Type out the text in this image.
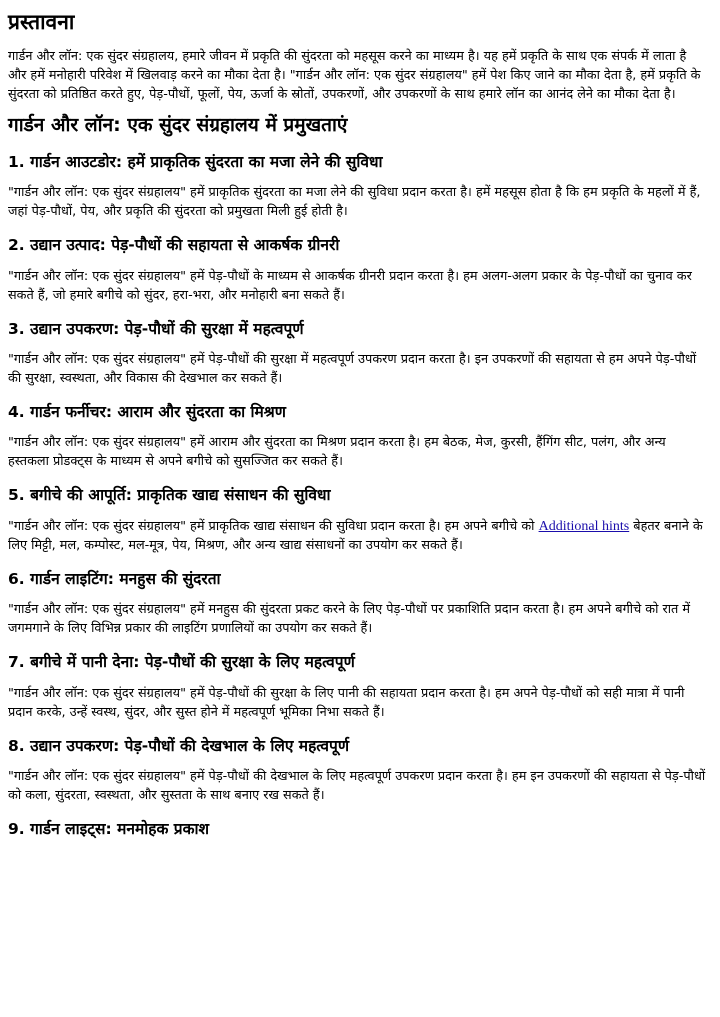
प्रस्तावना

गार्डन और लॉन: एक सुंदर संग्रहालय, हमारे जीवन में प्रकृति की सुंदरता को महसूस करने का माध्यम है। यह हमें प्रकृति के साथ एक संपर्क में लाता है और हमें मनोहारी परिवेश में खिलवाड़ करने का मौका देता है। "गार्डन और लॉन: एक सुंदर संग्रहालय" हमें पेश किए जाने का मौका देता है, हमें प्रकृति के सुंदरता को प्रतिष्ठित करते हुए, पेड़-पौधों, फूलों, पेय, ऊर्जा के स्रोतों, उपकरणों, और उपकरणों के साथ हमारे लॉन का आनंद लेने का मौका देता है।

गार्डन और लॉन: एक सुंदर संग्रहालय में प्रमुखताएं
1. गार्डन आउटडोर: हमें प्राकृतिक सुंदरता का मजा लेने की सुविधा

"गार्डन और लॉन: एक सुंदर संग्रहालय" हमें प्राकृतिक सुंदरता का मजा लेने की सुविधा प्रदान करता है। हमें महसूस होता है कि हम प्रकृति के महलों में हैं, जहां पेड़-पौधों, पेय, और प्रकृति की सुंदरता को प्रमुखता मिली हुई होती है।

2. उद्यान उत्पाद: पेड़-पौधों की सहायता से आकर्षक ग्रीनरी

"गार्डन और लॉन: एक सुंदर संग्रहालय" हमें पेड़-पौधों के माध्यम से आकर्षक ग्रीनरी प्रदान करता है। हम अलग-अलग प्रकार के पेड़-पौधों का चुनाव कर सकते हैं, जो हमारे बगीचे को सुंदर, हरा-भरा, और मनोहारी बना सकते हैं।

3. उद्यान उपकरण: पेड़-पौधों की सुरक्षा में महत्वपूर्ण

"गार्डन और लॉन: एक सुंदर संग्रहालय" हमें पेड़-पौधों की सुरक्षा में महत्वपूर्ण उपकरण प्रदान करता है। इन उपकरणों की सहायता से हम अपने पेड़-पौधों की सुरक्षा, स्वस्थता, और विकास की देखभाल कर सकते हैं।

4. गार्डन फर्नीचर: आराम और सुंदरता का मिश्रण

"गार्डन और लॉन: एक सुंदर संग्रहालय" हमें आराम और सुंदरता का मिश्रण प्रदान करता है। हम बेठक, मेज, कुरसी, हैंगिंग सीट, पलंग, और अन्य हस्तकला प्रोडक्ट्स के माध्यम से अपने बगीचे को सुसज्जित कर सकते हैं।

5. बगीचे की आपूर्ति: प्राकृतिक खाद्य संसाधन की सुविधा

"गार्डन और लॉन: एक सुंदर संग्रहालय" हमें प्राकृतिक खाद्य संसाधन की सुविधा प्रदान करता है। हम अपने बगीचे को Additional hints बेहतर बनाने के लिए मिट्टी, मल, कम्पोस्ट, मल-मूत्र, पेय, मिश्रण, और अन्य खाद्य संसाधनों का उपयोग कर सकते हैं।

6. गार्डन लाइटिंग: मनहुस की सुंदरता

"गार्डन और लॉन: एक सुंदर संग्रहालय" हमें मनहुस की सुंदरता प्रकट करने के लिए पेड़-पौधों पर प्रकाशिति प्रदान करता है। हम अपने बगीचे को रात में जगमगाने के लिए विभिन्न प्रकार की लाइटिंग प्रणालियों का उपयोग कर सकते हैं।

7. बगीचे में पानी देना: पेड़-पौधों की सुरक्षा के लिए महत्वपूर्ण

"गार्डन और लॉन: एक सुंदर संग्रहालय" हमें पेड़-पौधों की सुरक्षा के लिए पानी की सहायता प्रदान करता है। हम अपने पेड़-पौधों को सही मात्रा में पानी प्रदान करके, उन्हें स्वस्थ, सुंदर, और सुस्त होने में महत्वपूर्ण भूमिका निभा सकते हैं।

8. उद्यान उपकरण: पेड़-पौधों की देखभाल के लिए महत्वपूर्ण

"गार्डन और लॉन: एक सुंदर संग्रहालय" हमें पेड़-पौधों की देखभाल के लिए महत्वपूर्ण उपकरण प्रदान करता है। हम इन उपकरणों की सहायता से पेड़-पौधों को कला, सुंदरता, स्वस्थता, और सुस्तता के साथ बनाए रख सकते हैं।

9. गार्डन लाइट्स: मनमोहक प्रकाश
